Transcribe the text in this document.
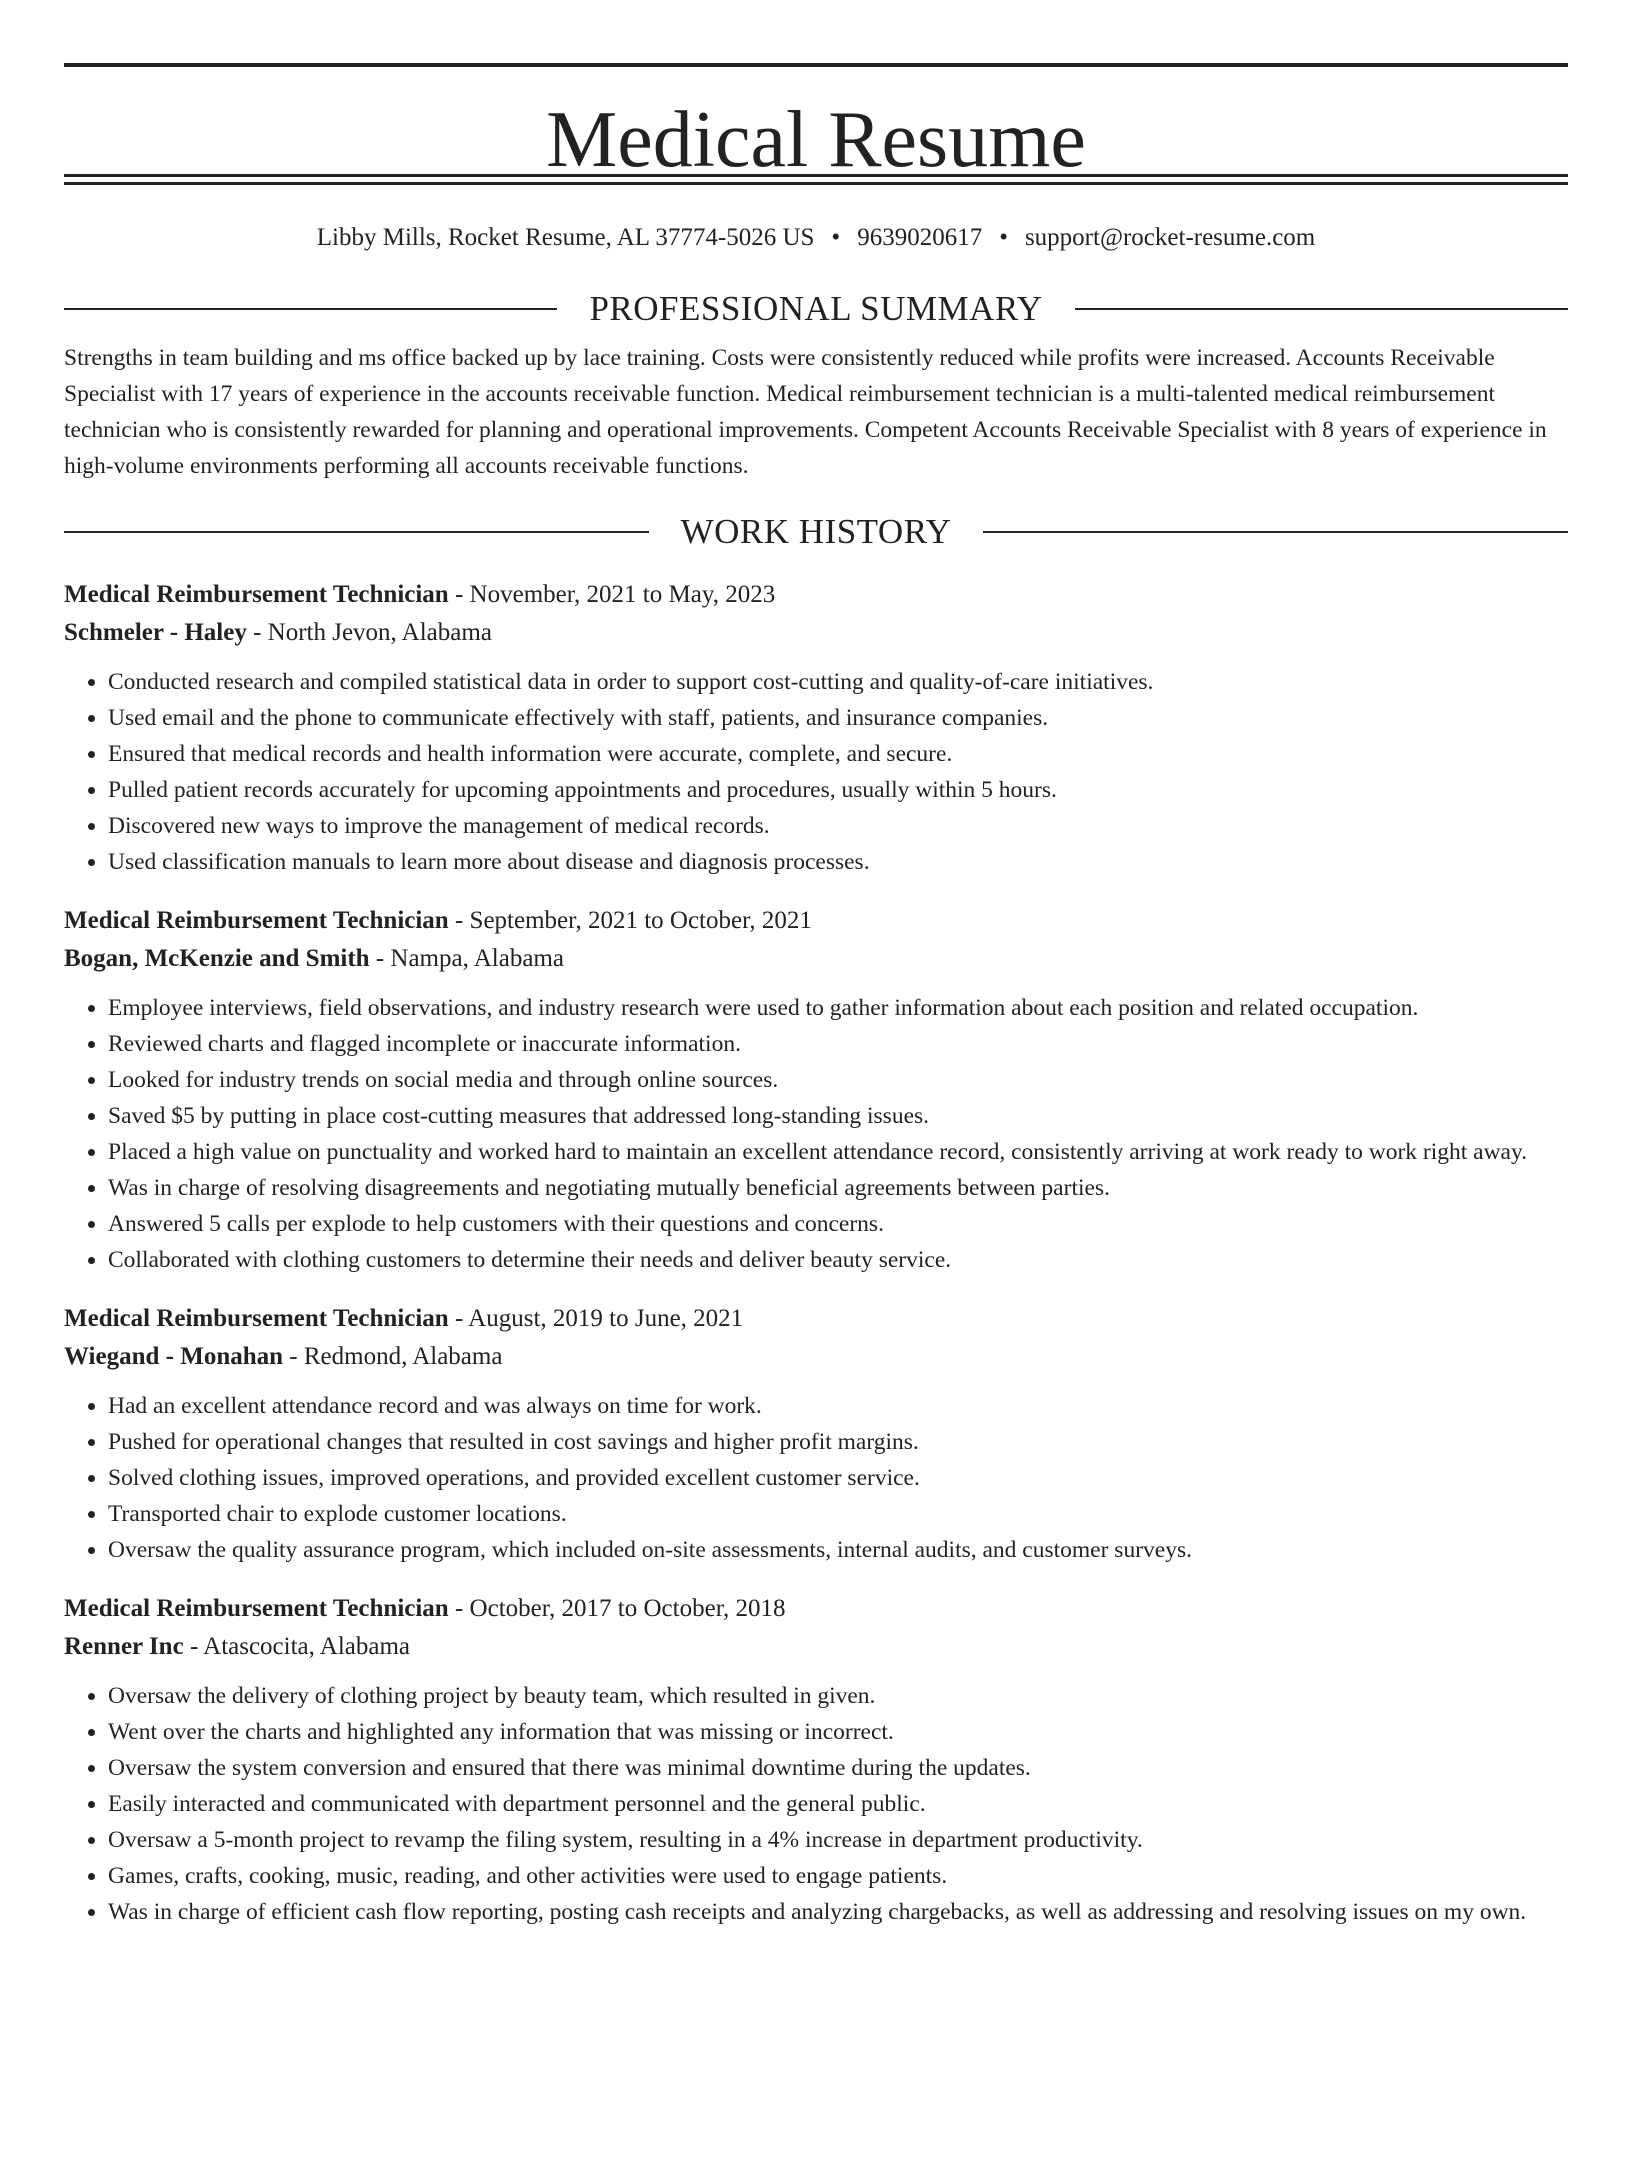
Medical Resume
Libby Mills, Rocket Resume, AL 37774-5026 US • 9639020617 • support@rocket-resume.com
PROFESSIONAL SUMMARY
Strengths in team building and ms office backed up by lace training. Costs were consistently reduced while profits were increased. Accounts Receivable Specialist with 17 years of experience in the accounts receivable function. Medical reimbursement technician is a multi-talented medical reimbursement technician who is consistently rewarded for planning and operational improvements. Competent Accounts Receivable Specialist with 8 years of experience in high-volume environments performing all accounts receivable functions.
WORK HISTORY
Medical Reimbursement Technician - November, 2021 to May, 2023
Schmeler - Haley - North Jevon, Alabama
• Conducted research and compiled statistical data in order to support cost-cutting and quality-of-care initiatives.
• Used email and the phone to communicate effectively with staff, patients, and insurance companies.
• Ensured that medical records and health information were accurate, complete, and secure.
• Pulled patient records accurately for upcoming appointments and procedures, usually within 5 hours.
• Discovered new ways to improve the management of medical records.
• Used classification manuals to learn more about disease and diagnosis processes.
Medical Reimbursement Technician - September, 2021 to October, 2021
Bogan, McKenzie and Smith - Nampa, Alabama
• Employee interviews, field observations, and industry research were used to gather information about each position and related occupation.
• Reviewed charts and flagged incomplete or inaccurate information.
• Looked for industry trends on social media and through online sources.
• Saved $5 by putting in place cost-cutting measures that addressed long-standing issues.
• Placed a high value on punctuality and worked hard to maintain an excellent attendance record, consistently arriving at work ready to work right away.
• Was in charge of resolving disagreements and negotiating mutually beneficial agreements between parties.
• Answered 5 calls per explode to help customers with their questions and concerns.
• Collaborated with clothing customers to determine their needs and deliver beauty service.
Medical Reimbursement Technician - August, 2019 to June, 2021
Wiegand - Monahan - Redmond, Alabama
• Had an excellent attendance record and was always on time for work.
• Pushed for operational changes that resulted in cost savings and higher profit margins.
• Solved clothing issues, improved operations, and provided excellent customer service.
• Transported chair to explode customer locations.
• Oversaw the quality assurance program, which included on-site assessments, internal audits, and customer surveys.
Medical Reimbursement Technician - October, 2017 to October, 2018
Renner Inc - Atascocita, Alabama
• Oversaw the delivery of clothing project by beauty team, which resulted in given.
• Went over the charts and highlighted any information that was missing or incorrect.
• Oversaw the system conversion and ensured that there was minimal downtime during the updates.
• Easily interacted and communicated with department personnel and the general public.
• Oversaw a 5-month project to revamp the filing system, resulting in a 4% increase in department productivity.
• Games, crafts, cooking, music, reading, and other activities were used to engage patients.
• Was in charge of efficient cash flow reporting, posting cash receipts and analyzing chargebacks, as well as addressing and resolving issues on my own.
